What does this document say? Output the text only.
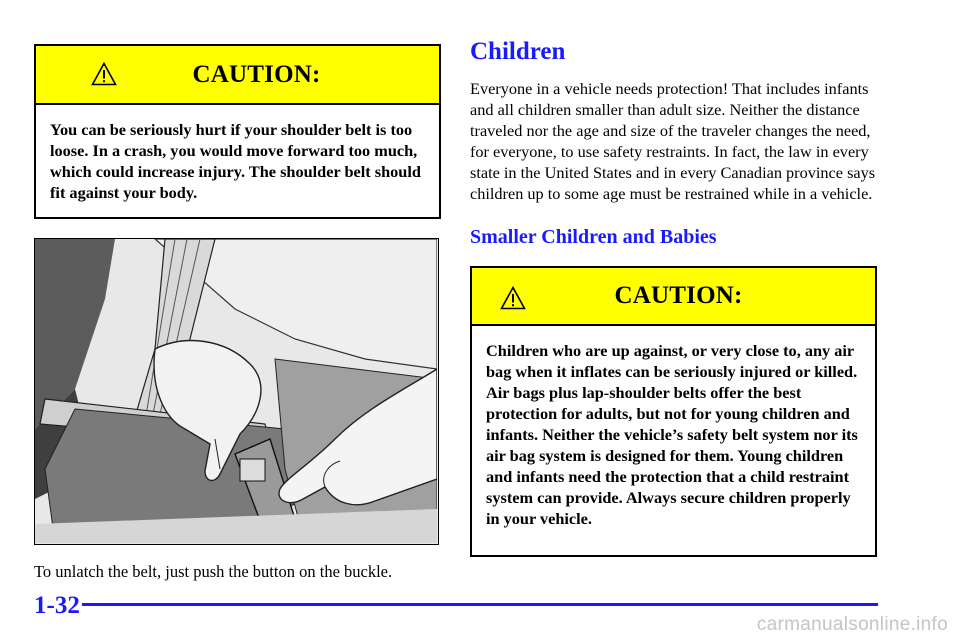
CAUTION:
You can be seriously hurt if your shoulder belt is too loose. In a crash, you would move forward too much, which could increase injury. The shoulder belt should fit against your body.
To unlatch the belt, just push the button on the buckle.
Children
Everyone in a vehicle needs protection! That includes infants and all children smaller than adult size. Neither the distance traveled nor the age and size of the traveler changes the need, for everyone, to use safety restraints. In fact, the law in every state in the United States and in every Canadian province says children up to some age must be restrained while in a vehicle.
Smaller Children and Babies
CAUTION:
Children who are up against, or very close to, any air bag when it inflates can be seriously injured or killed. Air bags plus lap-shoulder belts offer the best protection for adults, but not for young children and infants. Neither the vehicle’s safety belt system nor its air bag system is designed for them. Young children and infants need the protection that a child restraint system can provide. Always secure children properly in your vehicle.
1-32
carmanualsonline.info
